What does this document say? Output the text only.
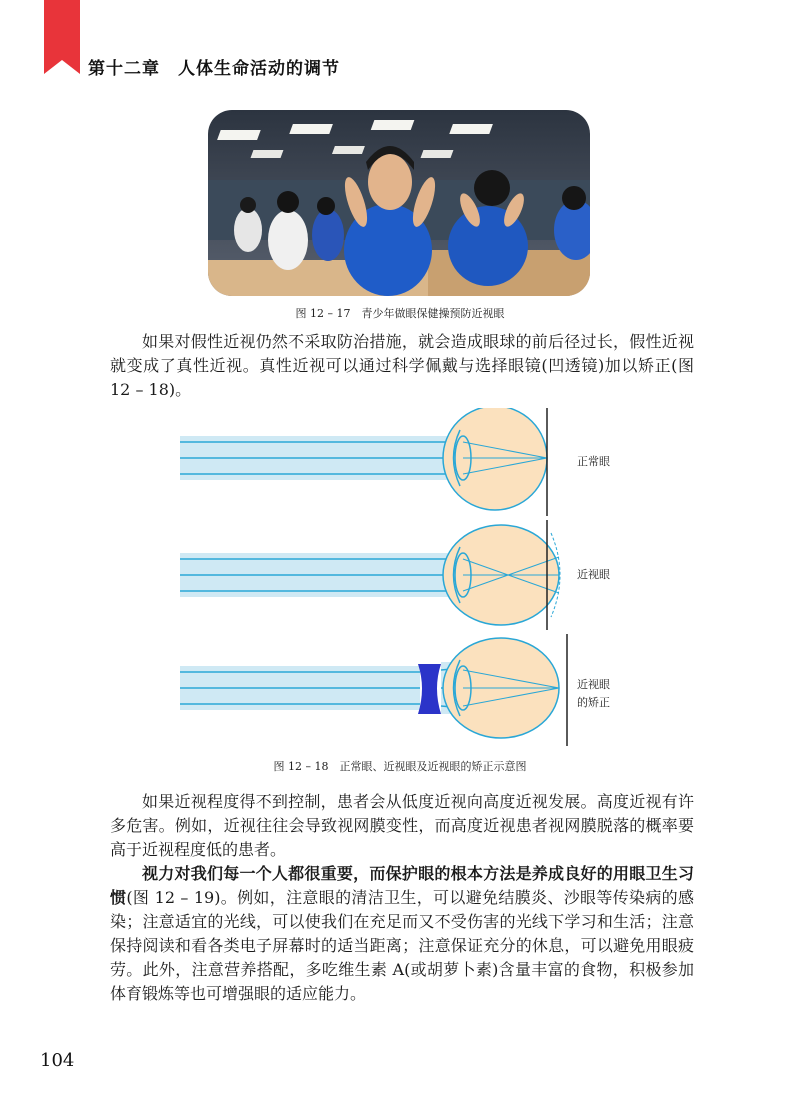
第十二章　人体生命活动的调节
图 12 – 17　青少年做眼保健操预防近视眼

如果对假性近视仍然不采取防治措施，就会造成眼球的前后径过长，假性近视就变成了真性近视。真性近视可以通过科学佩戴与选择眼镜(凹透镜)加以矫正(图 12 – 18)。

正常眼
近视眼
近视眼
的矫正
图 12 – 18　正常眼、近视眼及近视眼的矫正示意图

如果近视程度得不到控制，患者会从低度近视向高度近视发展。高度近视有许多危害。例如，近视往往会导致视网膜变性，而高度近视患者视网膜脱落的概率要高于近视程度低的患者。

视力对我们每一个人都很重要，而保护眼的根本方法是养成良好的用眼卫生习惯(图 12 – 19)。例如，注意眼的清洁卫生，可以避免结膜炎、沙眼等传染病的感染；注意适宜的光线，可以使我们在充足而又不受伤害的光线下学习和生活；注意保持阅读和看各类电子屏幕时的适当距离；注意保证充分的休息，可以避免用眼疲劳。此外，注意营养搭配，多吃维生素 A(或胡萝卜素)含量丰富的食物，积极参加体育锻炼等也可增强眼的适应能力。

104
